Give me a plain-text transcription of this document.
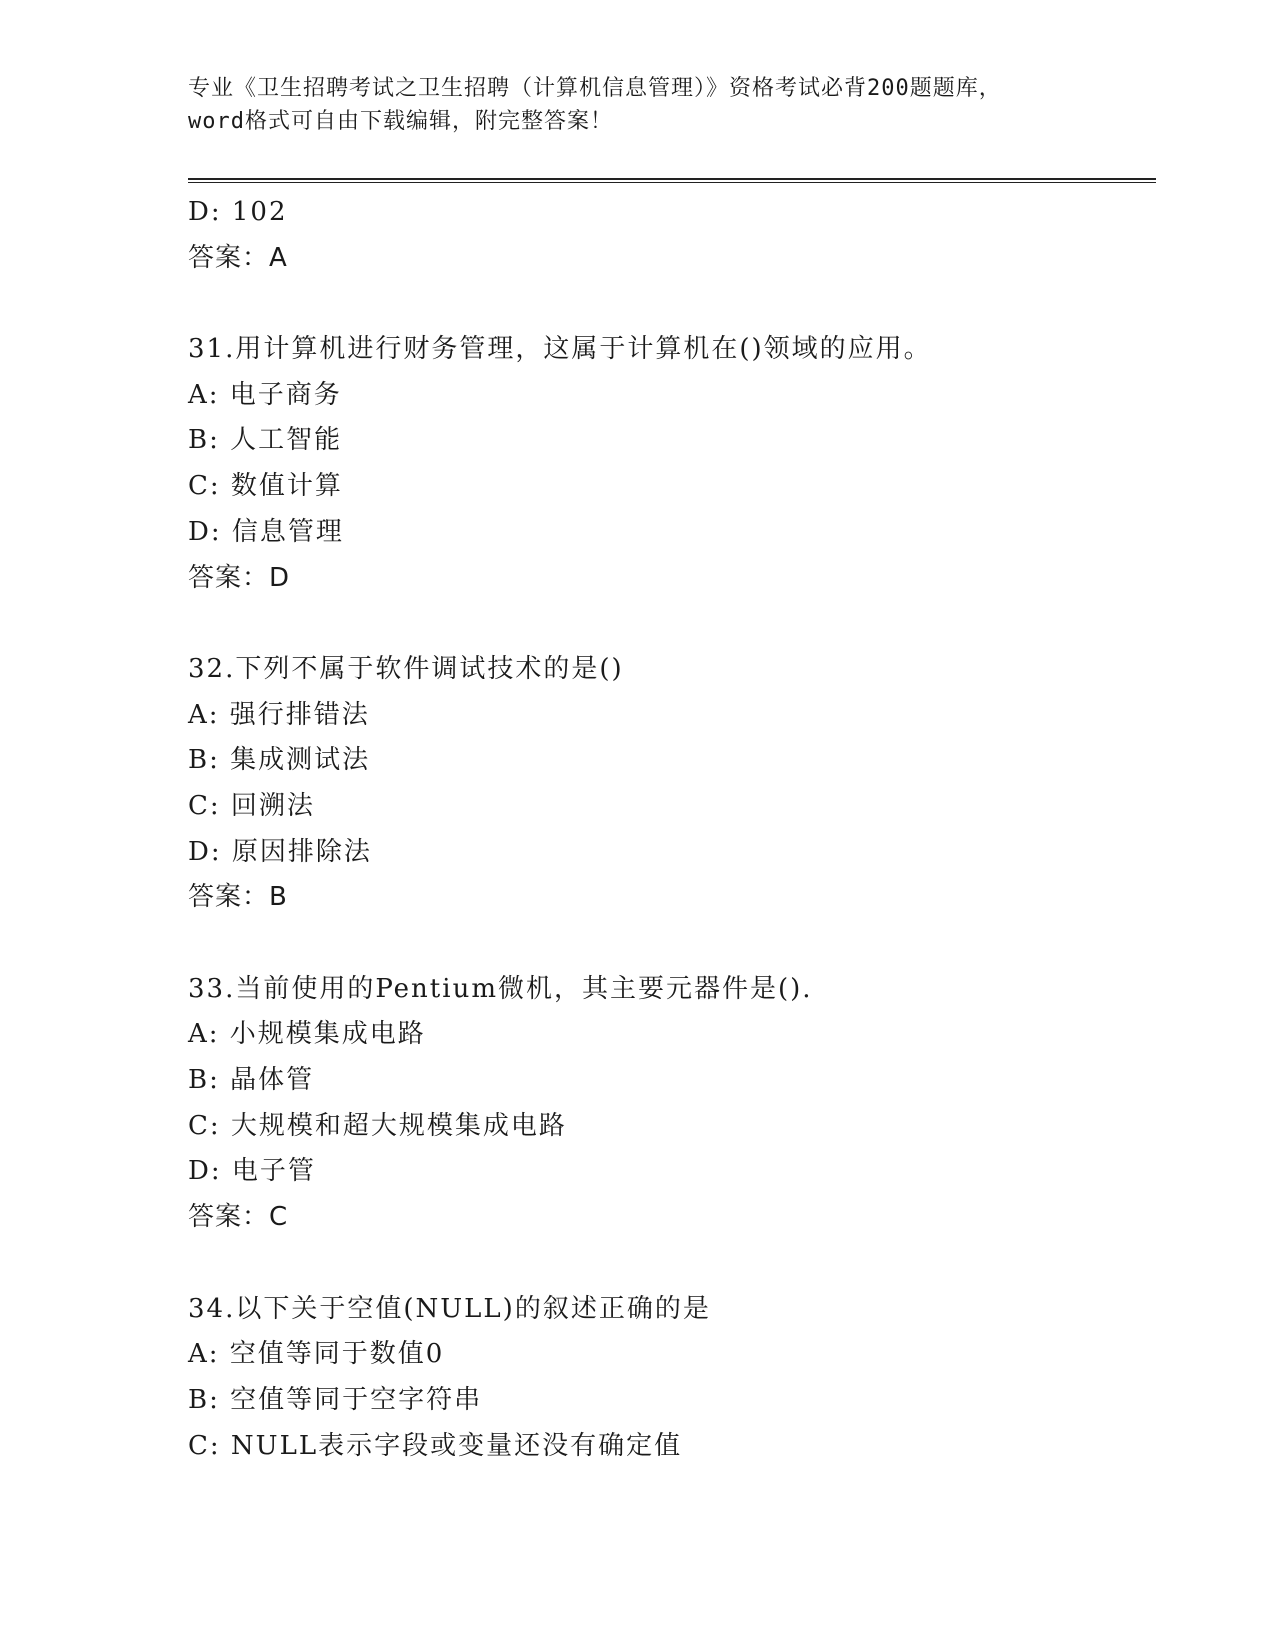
专业《卫生招聘考试之卫生招聘（计算机信息管理）》资格考试必背200题题库，
word格式可自由下载编辑，附完整答案！
D: 102
答案：A
31.用计算机进行财务管理，这属于计算机在()领域的应用。
A: 电子商务
B: 人工智能
C: 数值计算
D: 信息管理
答案：D
32.下列不属于软件调试技术的是()
A: 强行排错法
B: 集成测试法
C: 回溯法
D: 原因排除法
答案：B
33.当前使用的Pentium微机，其主要元器件是().
A: 小规模集成电路
B: 晶体管
C: 大规模和超大规模集成电路
D: 电子管
答案：C
34.以下关于空值(NULL)的叙述正确的是
A: 空值等同于数值0
B: 空值等同于空字符串
C: NULL表示字段或变量还没有确定值
